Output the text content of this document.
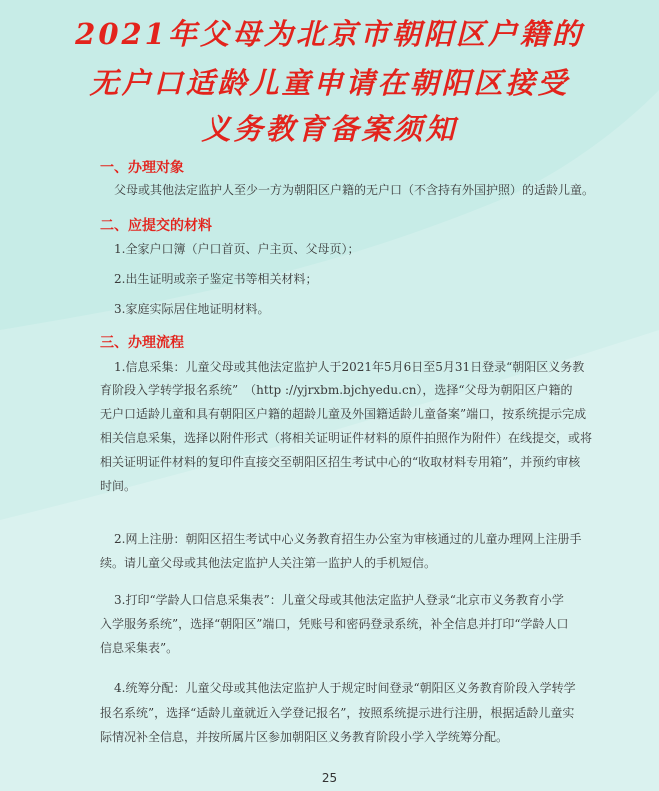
2021年父母为北京市朝阳区户籍的
无户口适龄儿童申请在朝阳区接受
义务教育备案须知
一、办理对象
父母或其他法定监护人至少一方为朝阳区户籍的无户口（不含持有外国护照）的适龄儿童。
二、应提交的材料
1.全家户口簿（户口首页、户主页、父母页）；
2.出生证明或亲子鉴定书等相关材料；
3.家庭实际居住地证明材料。
三、办理流程
1.信息采集：儿童父母或其他法定监护人于2021年5月6日至5月31日登录“朝阳区义务教
育阶段入学转学报名系统”　（http ://yjrxbm.bjchyedu.cn），选择“父母为朝阳区户籍的
无户口适龄儿童和具有朝阳区户籍的超龄儿童及外国籍适龄儿童备案”端口，按系统提示完成
相关信息采集，选择以附件形式（将相关证明证件材料的原件拍照作为附件）在线提交，或将
相关证明证件材料的复印件直接交至朝阳区招生考试中心的“收取材料专用箱”，并预约审核
时间。
2.网上注册：朝阳区招生考试中心义务教育招生办公室为审核通过的儿童办理网上注册手
续。请儿童父母或其他法定监护人关注第一监护人的手机短信。
3.打印“学龄人口信息采集表”：儿童父母或其他法定监护人登录“北京市义务教育小学
入学服务系统”，选择“朝阳区”端口，凭账号和密码登录系统，补全信息并打印“学龄人口
信息采集表”。
4.统筹分配：儿童父母或其他法定监护人于规定时间登录“朝阳区义务教育阶段入学转学
报名系统”，选择“适龄儿童就近入学登记报名”，按照系统提示进行注册，根据适龄儿童实
际情况补全信息，并按所属片区参加朝阳区义务教育阶段小学入学统筹分配。
25
